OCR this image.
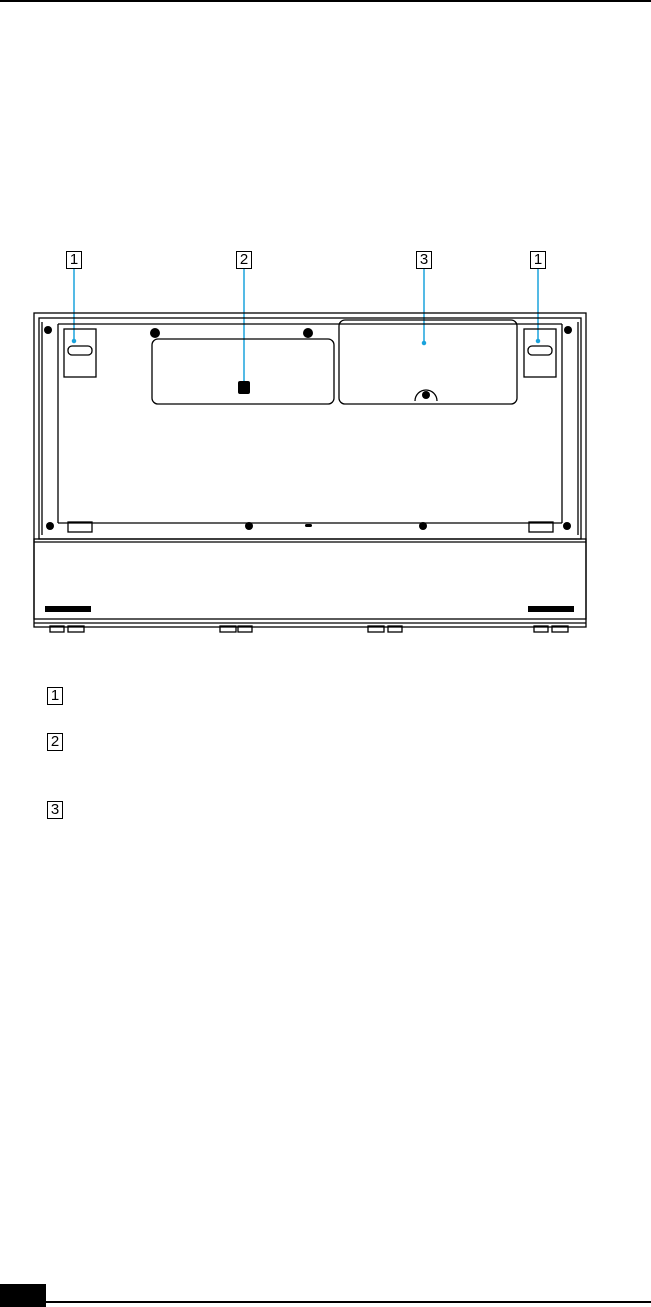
1	2	3	1
1
2
3
